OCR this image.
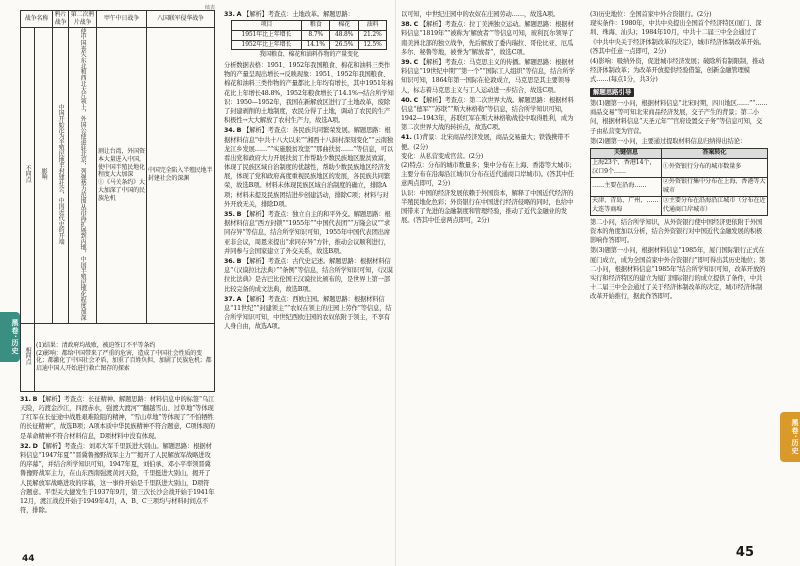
续表
战争名称		鸦片战争	第二次鸦片战争	甲午中日战争	八国联军侵华战争
不同点	影响	中国开始沦为半殖民地半封建社会，中国近代史的开端	使中国丧失东北和西北大片领土，外国公使进驻北京，列强势力范围从沿海扩展到内地，中国半殖民地化程度加深	割让台湾，外国资本大量进入中国，使中国半殖民地化程度大大加深
①《马关条约》大大加深了中国的民族危机	中国完全陷入半殖民地半封建社会的深渊
相同点	(1)结果：清政府均战败，被迫签订不平等条约
(2)影响：都给中国带来了严重的危害，造成了中国社会性质的变化；都激化了中国社会矛盾，加重了百姓负担，加剧了民族危机；都启迪中国人开始进行救亡图存的探索				

31. B 【解析】考查点：长征精神。解题思路：材料信息中的标签“乌江天险，巧渡金沙江，四渡赤水，强渡大渡河”“翻越雪山、过草地”等体现了红军在长征途中战胜艰难险阻的精神，“雪山草地”等体现了“不怕牺牲的长征精神”，故选B项；A项本质中华民族精神不符合题意，C项体现的是革命精神不符合材料信息，D项材料中没有体现。

32. D 【解析】考查点：刘邓大军千里跃进大别山。解题思路：根据材料信息“1947年夏”“晋冀鲁豫野战军主力”“揭开了人民解放军战略进攻的序幕”，并结合所学知识可知，1947年夏，刘伯承、邓小平率领晋冀鲁豫野战军主力，在山东西南强渡黄河天险，千里挺进大别山，揭开了人民解放军战略进攻的序幕，这一事件开始是千里跃进大别山，D项符合题意。平型关大捷发生于1937年9月，第三次长沙会战开始于1941年12月，渡江战役开始于1949年4月，A、B、C三项均与材料时间点不符，排除。

33. A 【解析】考查点：土地改革。解题思路：

项目	粮食	棉花	油料
1951年比上年增长	8.7%	48.8%	21.2%
1952年比上年增长	14.1%	26.5%	12.5%
我国粮食、棉花和油料作物的产量变化

分析数据表格：1951、1952年我国粮食、棉花和油料三类作物的产量呈现出增长→反映现象：1951、1952年我国粮食、棉花和油料三类作物的产量都比上年均有增长，其中1951年棉花比上年增长48.8%，1952年粮食增长了14.1%→结合所学知识：1950—1952年，我国在新解放区进行了土地改革，废除了封建剥削的土地制度，农民分得了土地，调动了农民的生产积极性→大大解放了农村生产力，故选A项。

34. B 【解析】考查点：各民族共同繁荣发展。解题思路：根据材料信息“中共十八大以来”“湘西十八洞村深刻变化”“云南独龙江乡发展……”“实施脱贫攻坚”“那曲扶贫……”等信息，可以看出党和政府大力开展扶贫工作帮助少数民族地区脱贫致富，体现了民族区域自治制度的优越性，帮助少数民族地区经济发展，体现了党和政府高度重视民族地区的发展，各民族共同繁荣，故选B项。材料未体现民族区域自治制度的确立，排除A项；材料未提及民族团结进步创建活动，排除C项；材料与对外开放无关，排除D项。

35. B 【解析】考查点：独立自主的和平外交。解题思路：根据材料信息“西方封锁”“1955年”“中国代表团”“万隆会议”“求同存异”等信息，结合所学知识可知，1955年中国代表团出席亚非会议，周恩来提出“求同存异”方针，推动会议顺利进行，并同参与会国家建立了外交关系，故选B项。

36. B 【解析】考查点：古代史记述。解题思路：根据材料信息“（汉谟拉比法典）”“条例”等信息，结合所学知识可知，《汉谟拉比法典》是古巴比伦国王汉谟拉比颁布的，是世界上第一部比较完备的成文法典，故选B项。

37. A 【解析】考查点：西欧庄园。解题思路：根据材料信息“11世纪”“封建领主”“农奴在领主的庄园上劳作”等信息，结合所学知识可知，中世纪西欧庄园的农奴依附于领主，不享有人身自由，故选A项。

以可知，中世纪庄园中的农奴在庄园劳动……，故选A项。

38. C 【解析】考查点：拉丁美洲独立运动。解题思路：根据材料信息“1819年”“被称为‘解放者’”等信息可知，玻利瓦尔领导了南美洲北部的独立战争，先后解放了委内瑞拉、哥伦比亚、厄瓜多尔、秘鲁等地，被誉为“解放者”，故选C项。

39. C 【解析】考查点：马克思主义的传播。解题思路：根据材料信息“19世纪中期”“第一个”“国际工人组织”等信息，结合所学知识可知，1864年第一国际在伦敦成立，马克思是其主要领导人，标志着马克思主义与工人运动进一步结合，故选C项。

40. C 【解析】考查点：第二次世界大战。解题思路：根据材料信息“德军”“苏联”“斯大林格勒”等信息，结合所学知识可知，1942—1943年，苏联红军在斯大林格勒战役中取得胜利，成为第二次世界大战的转折点，故选C项。

41. (1)背景：北宋商品经济发展，商品交易量大；铁钱携带不便。(2分)
变化：从私营变成官营。(2分)
(2)特点：分布的城市数量多；集中分布在上海、香港等大城市；主要分布在沿海沿江城市(分布在近代通商口岸城市)。(答其中任意两点即可，2分)
认识：中国的经济发展依赖于外国资本，解释了中国近代经济的半殖民地化色彩；外资银行在中国进行经济侵略的同时，也给中国带来了先进的金融制度和管理经验，推动了近代金融业的发展。(答其中任意两点即可，2分)

(3)历史地位：全国首家中外合资银行。(2分)
现实条件：1980年，中共中央提出全国首个经济特区(厦门、深圳、珠海、汕头)；1984年10月，中共十二届三中全会通过了《中共中央关于经济体制改革的决定》，城市经济体制改革开始。(答其中任意一点即可，2分)

(4)影响：吸纳外资，促进城市经济发展；破除所有制限制，推动经济体制改革；为改革开放提供经验借鉴，创新金融管理模式……(每点1分，共3分)

解题思路引导

第(1)题第一小问，根据材料信息“北宋时期，四川地区……”“……商品交易”等可知北宋商品经济发展，交子产生的背景；第二小问，根据材料信息“天圣元年”“官府设置交子务”等信息可知，交子由私营变为官营。

第(2)题第一小问，主要通过提取材料信息归纳得出结论：

关键信息	答案转化
上海23个，香港14个，汉口9个……	①外资银行分布的城市数量多
……主要在沿海……	②外资银行集中分布在上海、香港等大城市
天津、青岛、广州、……大连等商埠	③主要分布在沿海沿江城市（分布在近代通商口岸城市）

第二小问，结合所学知识，从外资银行使中国经济更依附于外国资本的角度加以分析，结合外资银行对中国近代金融发展的积极影响作答即可。

第(3)题第一小问，根据材料信息“1985年，厦门国际银行正式在厦门成立，成为全国首家中外合资银行”即可得出其历史地位；第二小问，根据材料信息“1985年”结合所学知识可知，改革开放的实行和经济特区的建立为厦门国际银行的成立提供了条件，中共十二届三中全会通过了关于经济体制改革的决定，城市经济体制改革开始推行，据此作答即可。

黑卷·历史
黑卷·历史
44	45
